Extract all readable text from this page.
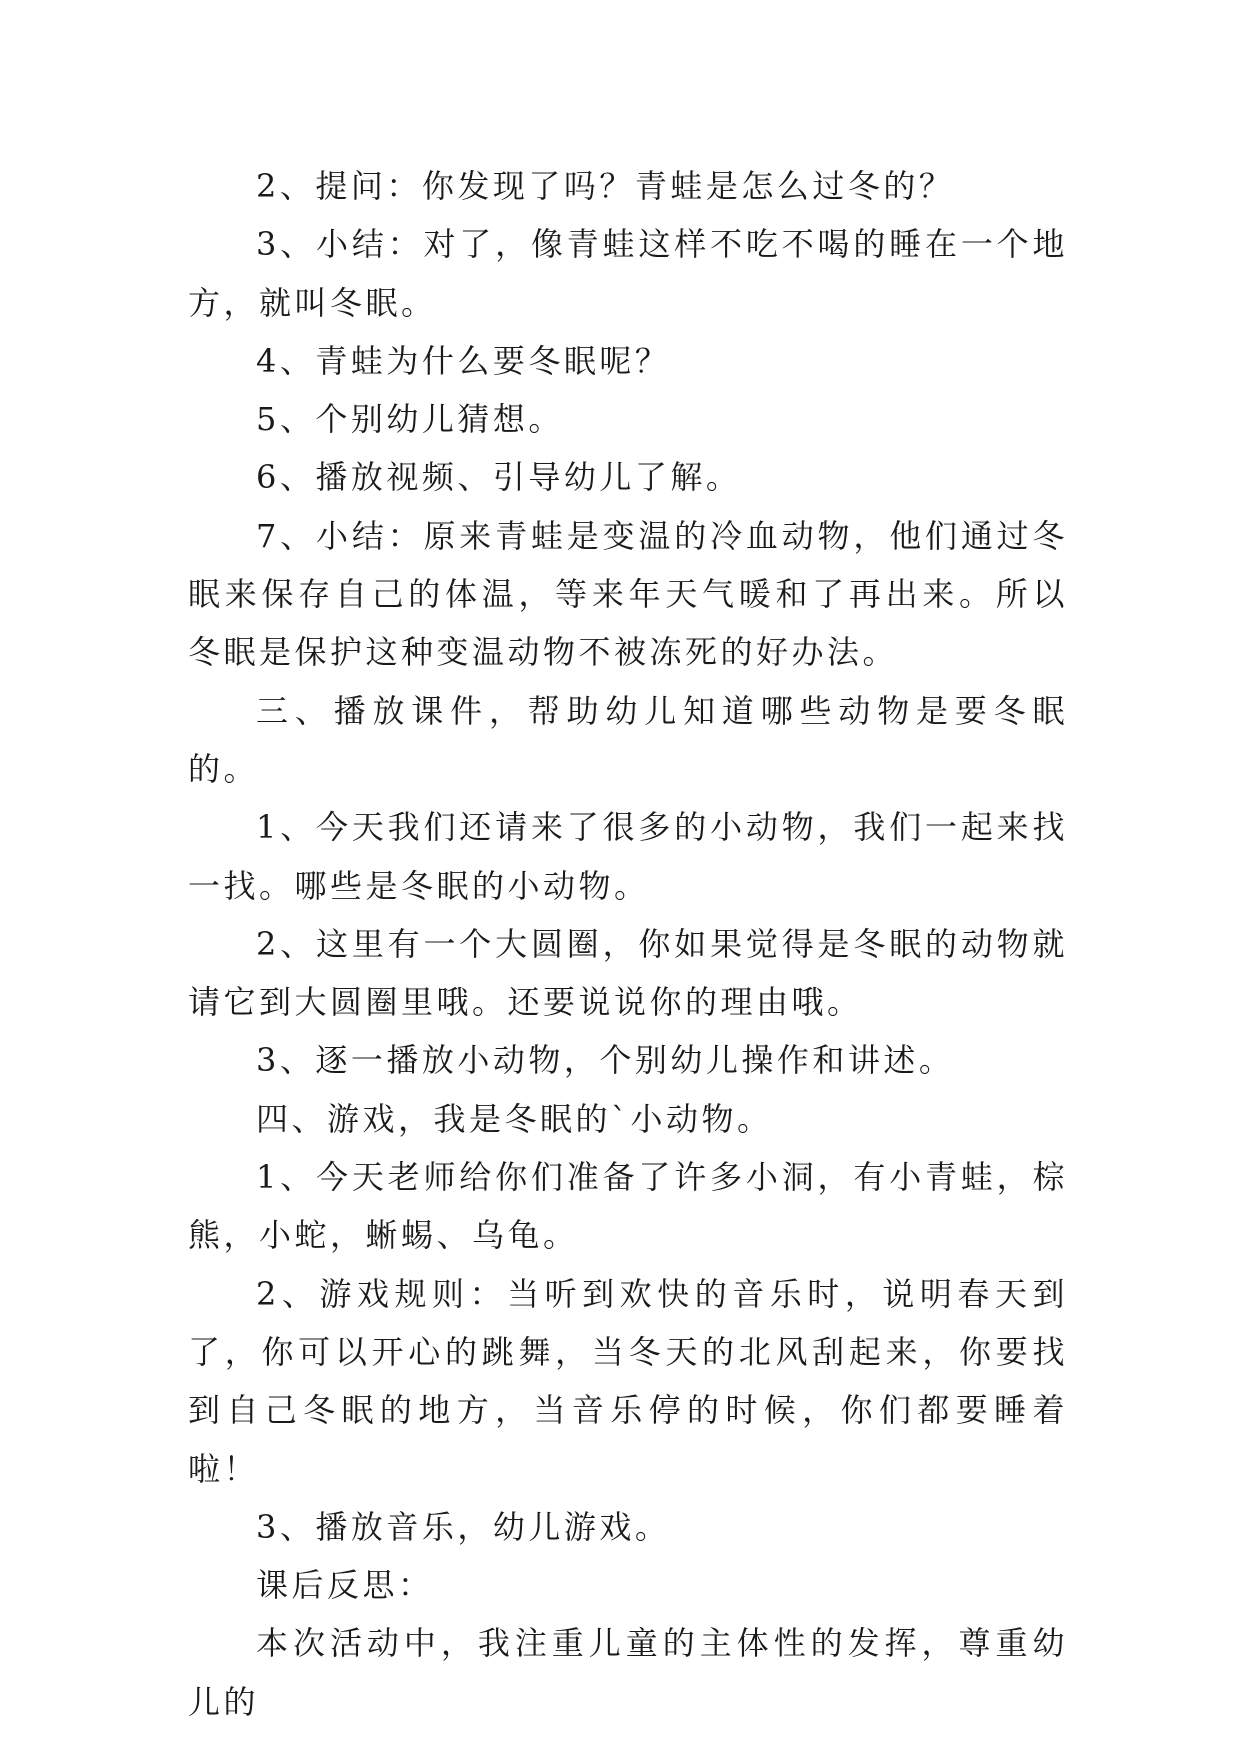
2、提问：你发现了吗？青蛙是怎么过冬的？

3、小结：对了，像青蛙这样不吃不喝的睡在一个地方，就叫冬眠。

4、青蛙为什么要冬眠呢？

5、个别幼儿猜想。

6、播放视频、引导幼儿了解。

7、小结：原来青蛙是变温的冷血动物，他们通过冬眠来保存自己的体温，等来年天气暖和了再出来。所以冬眠是保护这种变温动物不被冻死的好办法。

三、播放课件，帮助幼儿知道哪些动物是要冬眠的。

1、今天我们还请来了很多的小动物，我们一起来找一找。哪些是冬眠的小动物。

2、这里有一个大圆圈，你如果觉得是冬眠的动物就请它到大圆圈里哦。还要说说你的理由哦。

3、逐一播放小动物，个别幼儿操作和讲述。

四、游戏，我是冬眠的`小动物。

1、今天老师给你们准备了许多小洞，有小青蛙，棕熊，小蛇，蜥蜴、乌龟。

2、游戏规则：当听到欢快的音乐时，说明春天到了，你可以开心的跳舞，当冬天的北风刮起来，你要找到自己冬眠的地方，当音乐停的时候，你们都要睡着啦！

3、播放音乐，幼儿游戏。

课后反思：

本次活动中，我注重儿童的主体性的发挥，尊重幼儿的
